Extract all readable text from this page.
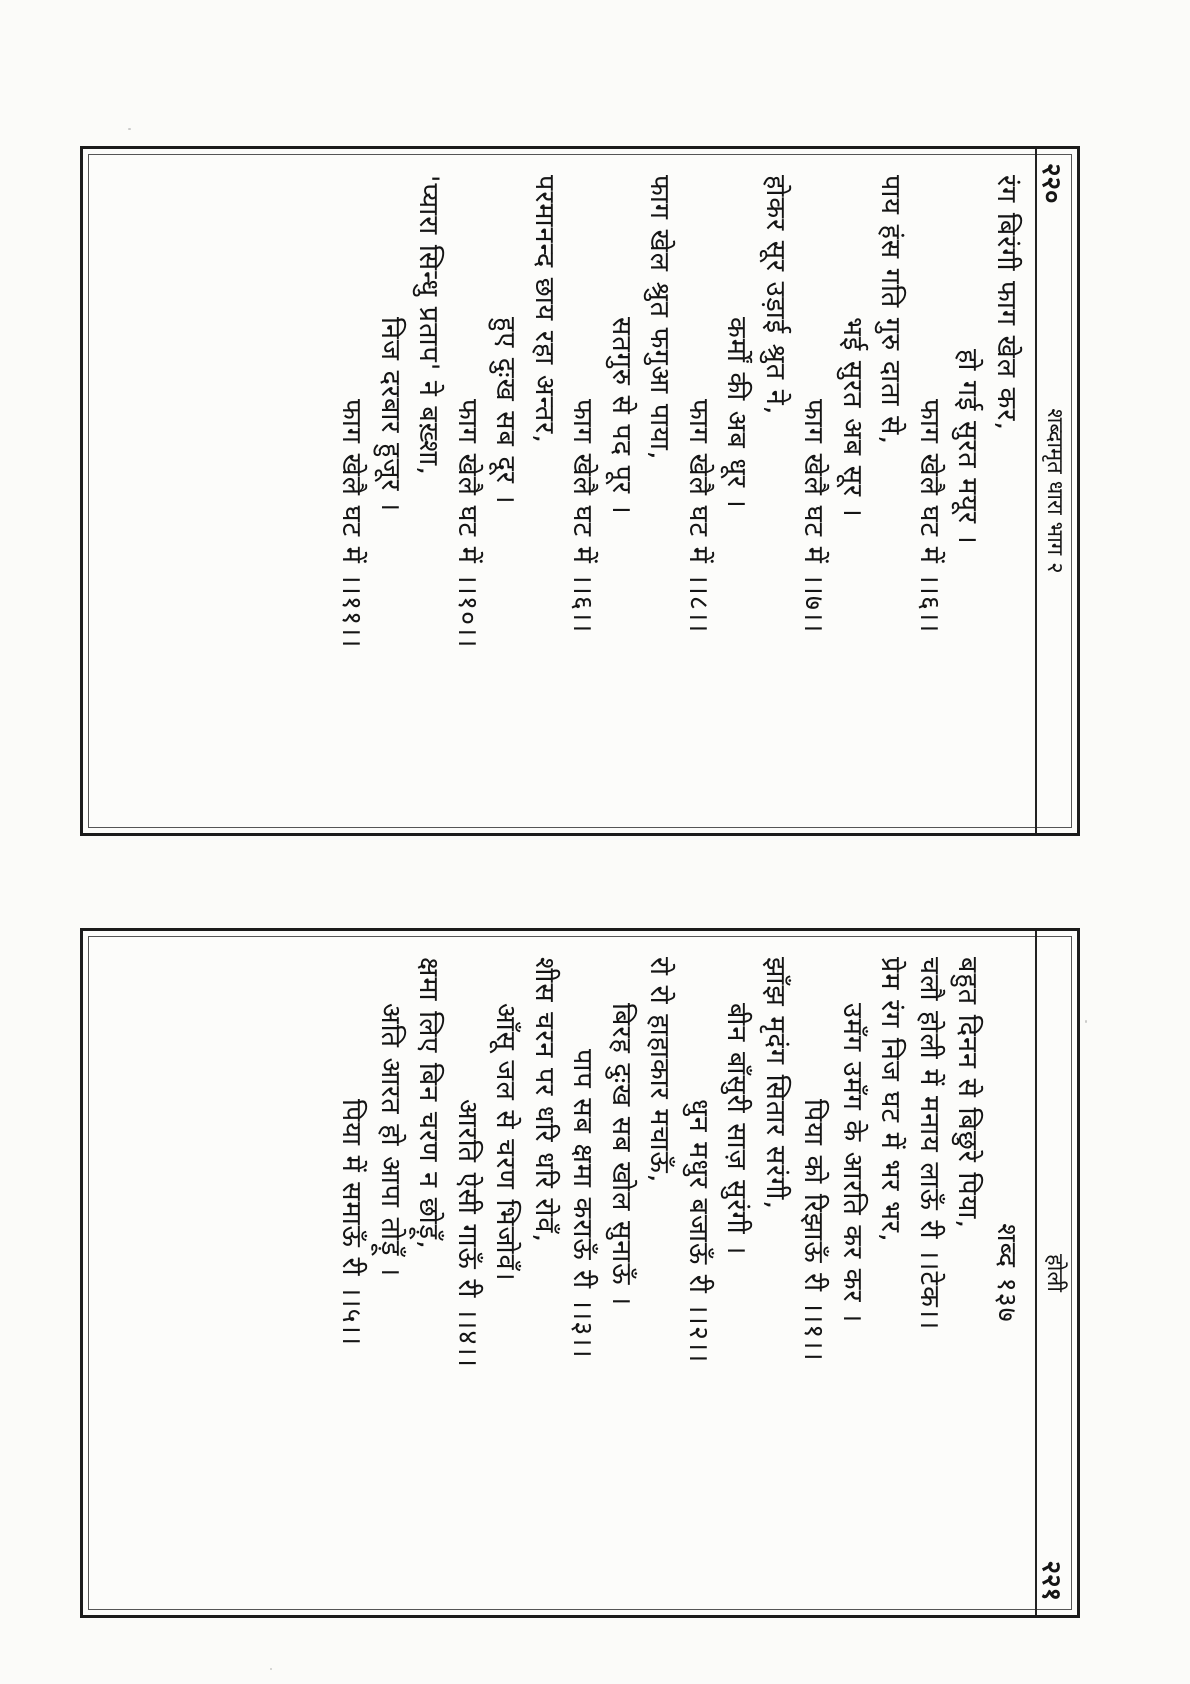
२२०
शब्दामृत धारा भाग २
रंग बिरंगी फाग खेल कर,
हो गई सुरत मयूर ।
फाग खेलै घट में ।।६।।
पाय हंस गति गुरु दाता से,
भई सुरत अब सूर ।
फाग खेलै घट में ।।७।।
होकर सूर उड़ाई श्रुत ने,
कर्मों की अब धूर ।
फाग खेलै घट में ।।८।।
फाग खेल श्रुत फगुआ पाया,
सतगुरु से पद पूर ।
फाग खेलै घट में ।।६।।
परमानन्द छाय रहा अन्तर,
हुए दुःख सब दूर ।
फाग खेलै घट में ।।१०।।
'प्यारा सिन्धु प्रताप' ने बख़्शा,
निज दरबार हुजूर ।
फाग खेलै घट में ।।११।।
होली
२२१
शब्द १३७
बहुत दिनन से बिछुरे पिया,
चलौ होली में मनाय लाऊँ री ।।टेक।।
प्रेम रंग निज घट में भर भर,
उमँग उमँग के आरति कर कर ।
पिया को रिझाऊँ री ।।१।।
झाँझ मृदंग सितार सरंगी,
बीन बाँसुरी साज़ सुरंगी ।
धुन मधुर बजाऊँ री ।।२।।
रो रो हाहाकार मचाऊँ,
बिरह दुःख सब खोल सुनाऊँ ।
पाप सब क्षमा कराऊँ री ।।३।।
शीस चरन पर धरि धरि रोवँ,
आँसू जल से चरण भिजोवँ।
आरति ऐसी गाऊँ री ।।४।।
क्षमा लिए बिन चरण न छोड़ूँ,
अति आरत हो आपा तोड़ूँ ।
पिया में समाऊँ री ।।५।।
